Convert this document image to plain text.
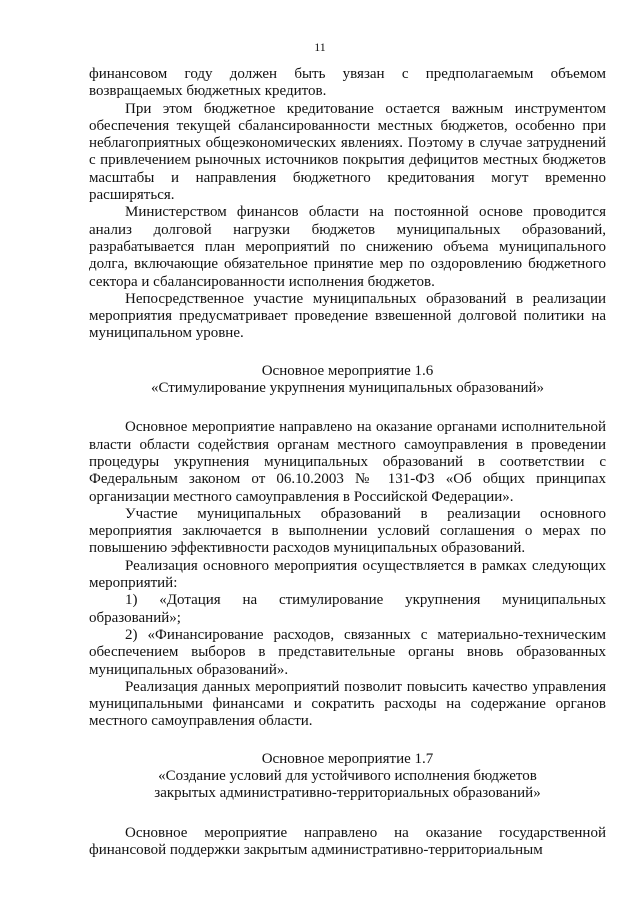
11

финансовом году должен быть увязан с предполагаемым объемом возвращаемых бюджетных кредитов.

При этом бюджетное кредитование остается важным инструментом обеспечения текущей сбалансированности местных бюджетов, особенно при неблагоприятных общеэкономических явлениях. Поэтому в случае затруднений с привлечением рыночных источников покрытия дефицитов местных бюджетов масштабы и направления бюджетного кредитования могут временно расширяться.

Министерством финансов области на постоянной основе проводится анализ долговой нагрузки бюджетов муниципальных образований, разрабатывается план мероприятий по снижению объема муниципального долга, включающие обязательное принятие мер по оздоровлению бюджетного сектора и сбалансированности исполнения бюджетов.

Непосредственное участие муниципальных образований в реализации мероприятия предусматривает проведение взвешенной долговой политики на муниципальном уровне.

Основное мероприятие 1.6
«Стимулирование укрупнения муниципальных образований»

Основное мероприятие направлено на оказание органами исполнительной власти области содействия органам местного самоуправления в проведении процедуры укрупнения муниципальных образований в соответствии с Федеральным законом от 06.10.2003 № 131-ФЗ «Об общих принципах организации местного самоуправления в Российской Федерации».

Участие муниципальных образований в реализации основного мероприятия заключается в выполнении условий соглашения о мерах по повышению эффективности расходов муниципальных образований.

Реализация основного мероприятия осуществляется в рамках следующих мероприятий:

1) «Дотация на стимулирование укрупнения муниципальных образований»;

2) «Финансирование расходов, связанных с материально-техническим обеспечением выборов в представительные органы вновь образованных муниципальных образований».

Реализация данных мероприятий позволит повысить качество управления муниципальными финансами и сократить расходы на содержание органов местного самоуправления области.

Основное мероприятие 1.7
«Создание условий для устойчивого исполнения бюджетов
закрытых административно-территориальных образований»

Основное мероприятие направлено на оказание государственной финансовой поддержки закрытым административно-территориальным
